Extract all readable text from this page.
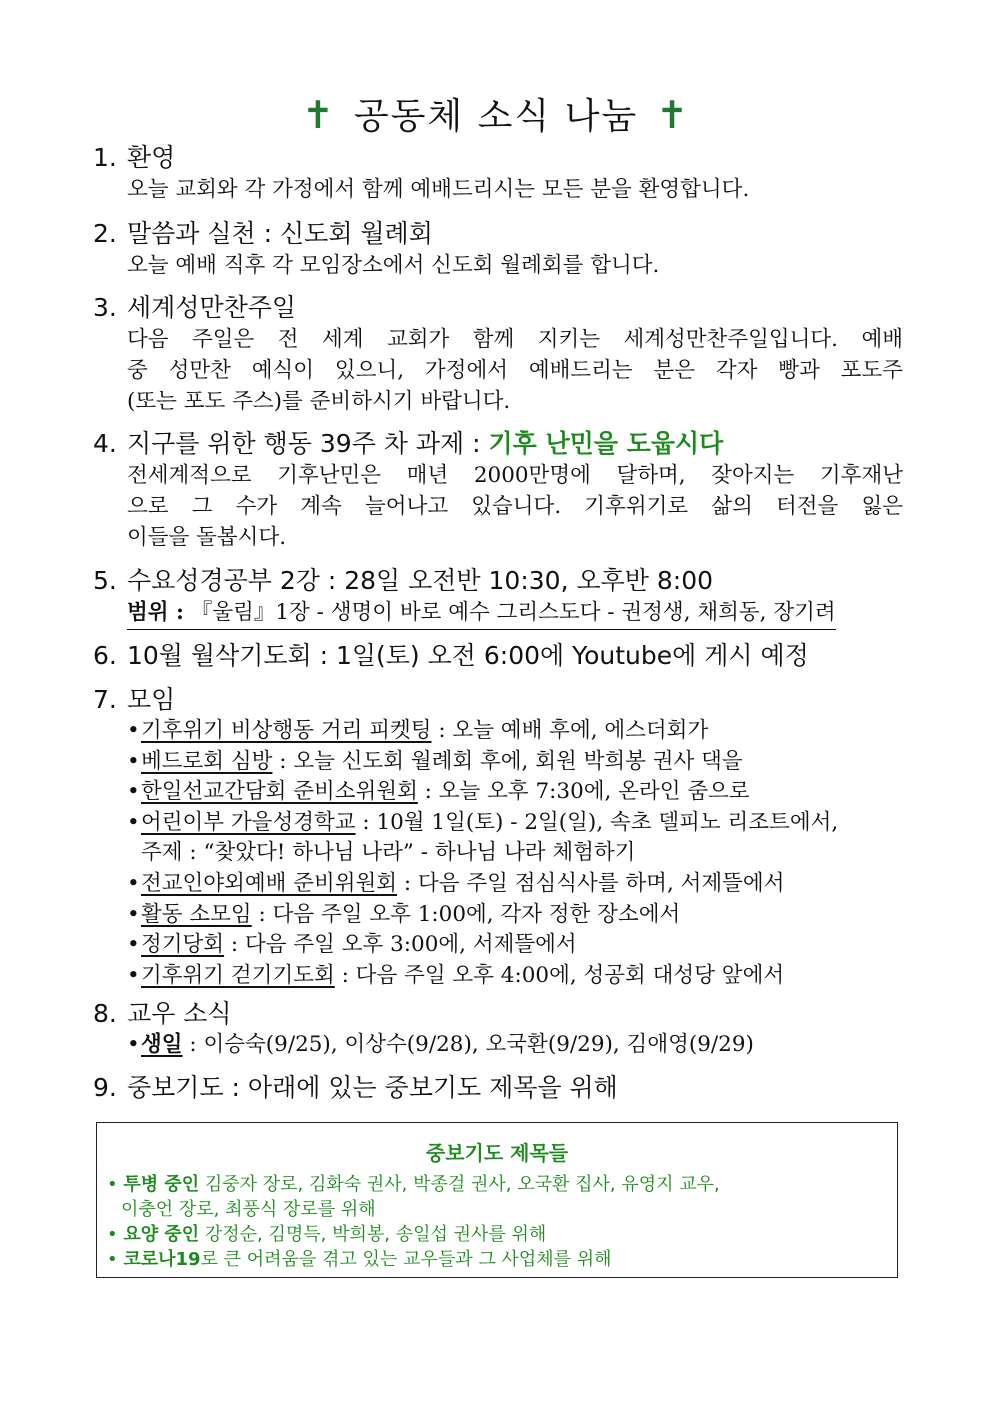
✝ 공동체 소식 나눔 ✝
1. 환영
오늘 교회와 각 가정에서 함께 예배드리시는 모든 분을 환영합니다.
2. 말씀과 실천 : 신도회 월례회
오늘 예배 직후 각 모임장소에서 신도회 월례회를 합니다.
3. 세계성만찬주일
다음 주일은 전 세계 교회가 함께 지키는 세계성만찬주일입니다. 예배
중 성만찬 예식이 있으니, 가정에서 예배드리는 분은 각자 빵과 포도주
(또는 포도 주스)를 준비하시기 바랍니다.
4. 지구를 위한 행동 39주 차 과제 : 기후 난민을 도웁시다
전세계적으로 기후난민은 매년 2000만명에 달하며, 잦아지는 기후재난
으로 그 수가 계속 늘어나고 있습니다. 기후위기로 삶의 터전을 잃은
이들을 돌봅시다.
5. 수요성경공부 2강 : 28일 오전반 10:30, 오후반 8:00
범위 : 『울림』1장 - 생명이 바로 예수 그리스도다 - 권정생, 채희동, 장기려
6. 10월 월삭기도회 : 1일(토) 오전 6:00에 Youtube에 게시 예정
7. 모임
•기후위기 비상행동 거리 피켓팅 : 오늘 예배 후에, 에스더회가
•베드로회 심방 : 오늘 신도회 월례회 후에, 회원 박희봉 권사 댁을
•한일선교간담회 준비소위원회 : 오늘 오후 7:30에, 온라인 줌으로
•어린이부 가을성경학교 : 10월 1일(토) - 2일(일), 속초 델피노 리조트에서,
주제 : “찾았다! 하나님 나라” - 하나님 나라 체험하기
•전교인야외예배 준비위원회 : 다음 주일 점심식사를 하며, 서제뜰에서
•활동 소모임 : 다음 주일 오후 1:00에, 각자 정한 장소에서
•정기당회 : 다음 주일 오후 3:00에, 서제뜰에서
•기후위기 걷기기도회 : 다음 주일 오후 4:00에, 성공회 대성당 앞에서
8. 교우 소식
•생일 : 이승숙(9/25), 이상수(9/28), 오국환(9/29), 김애영(9/29)
9. 중보기도 : 아래에 있는 중보기도 제목을 위해
중보기도 제목들
• 투병 중인 김중자 장로, 김화숙 권사, 박종걸 권사, 오국환 집사, 유영지 교우,
이충언 장로, 최풍식 장로를 위해
• 요양 중인 강정순, 김명득, 박희봉, 송일섭 권사를 위해
• 코로나19로 큰 어려움을 겪고 있는 교우들과 그 사업체를 위해
